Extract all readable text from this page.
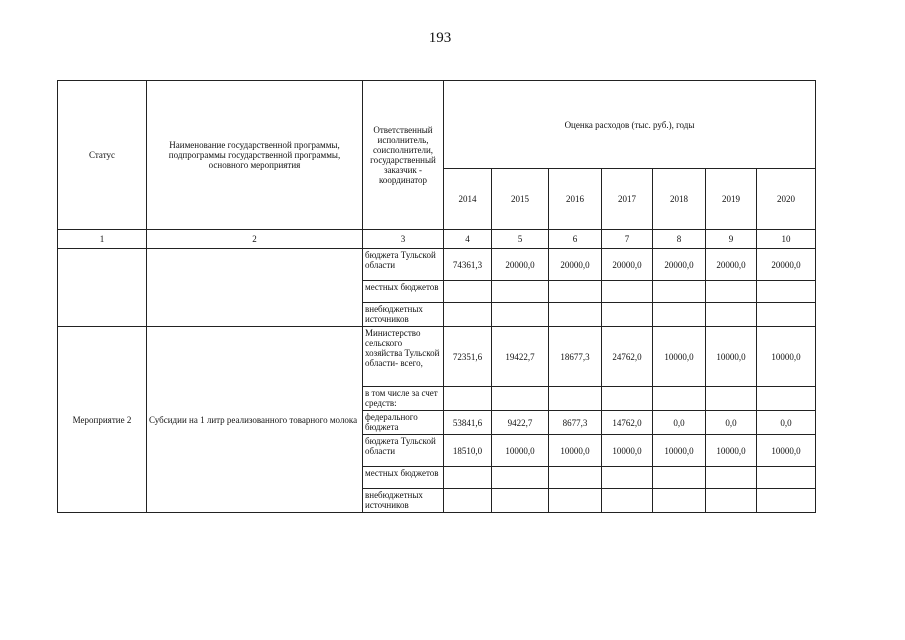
193
Статус	Наименование государственной программы, подпрограммы государственной программы, основного мероприятия	Ответственный исполнитель, соисполнители, государственный заказчик - координатор	Оценка расходов (тыс. руб.), годы						
			2014	2015	2016	2017	2018	2019	2020
1	2	3	4	5	6	7	8	9	10
		бюджета Тульской области	74361,3	20000,0	20000,0	20000,0	20000,0	20000,0	20000,0
		местных бюджетов							
		внебюджетных источников							
Мероприятие 2	Субсидии на 1 литр реализованного товарного молока	Министерство сельского хозяйства Тульской области- всего,	72351,6	19422,7	18677,3	24762,0	10000,0	10000,0	10000,0
		в том числе за счет средств:							
		федерального бюджета	53841,6	9422,7	8677,3	14762,0	0,0	0,0	0,0
		бюджета Тульской области	18510,0	10000,0	10000,0	10000,0	10000,0	10000,0	10000,0
		местных бюджетов							
		внебюджетных источников							
